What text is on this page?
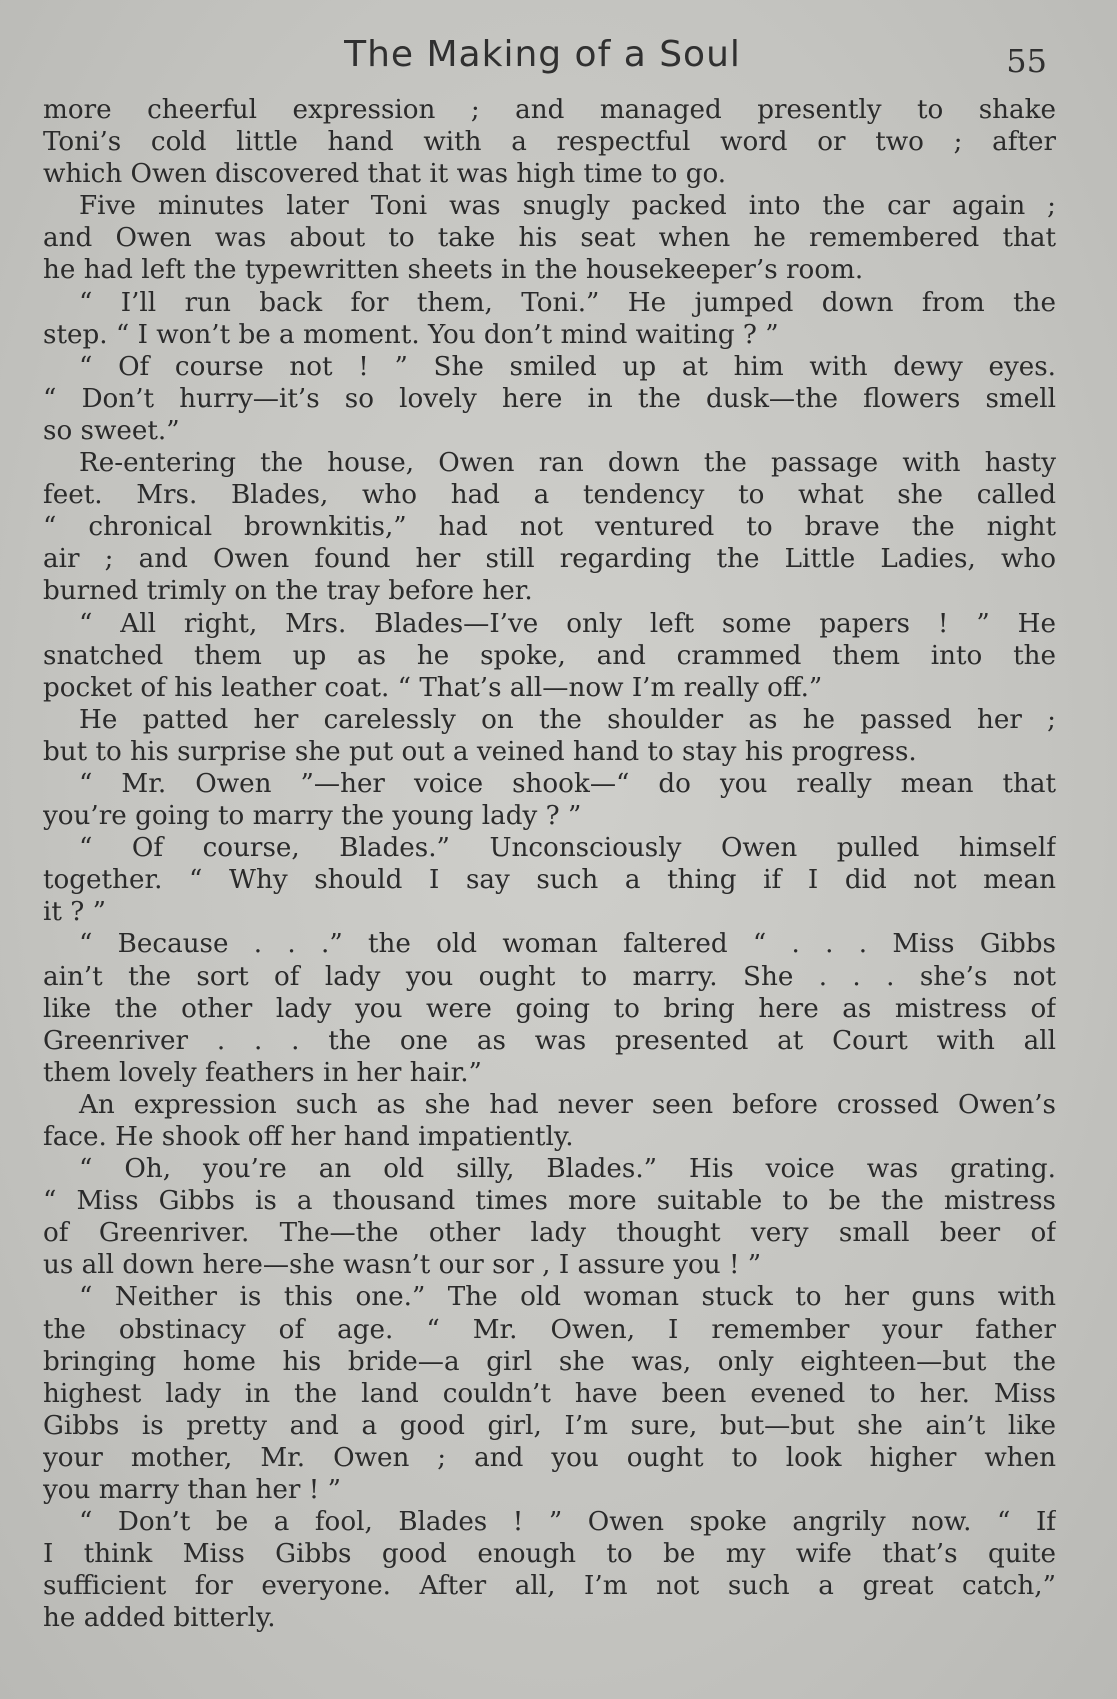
The Making of a Soul	55
more cheerful expression ; and managed presently to shake
Toni’s cold little hand with a respectful word or two ; after
which Owen discovered that it was high time to go.
Five minutes later Toni was snugly packed into the car again ;
and Owen was about to take his seat when he remembered that
he had left the typewritten sheets in the housekeeper’s room.
“ I’ll run back for them, Toni.” He jumped down from the
step. “ I won’t be a moment. You don’t mind waiting ? ”
“ Of course not ! ” She smiled up at him with dewy eyes.
“ Don’t hurry—it’s so lovely here in the dusk—the flowers smell
so sweet.”
Re-entering the house, Owen ran down the passage with hasty
feet. Mrs. Blades, who had a tendency to what she called
“ chronical brownkitis,” had not ventured to brave the night
air ; and Owen found her still regarding the Little Ladies, who
burned trimly on the tray before her.
“ All right, Mrs. Blades—I’ve only left some papers ! ” He
snatched them up as he spoke, and crammed them into the
pocket of his leather coat. “ That’s all—now I’m really off.”
He patted her carelessly on the shoulder as he passed her ;
but to his surprise she put out a veined hand to stay his progress.
“ Mr. Owen ”—her voice shook—“ do you really mean that
you’re going to marry the young lady ? ”
“ Of course, Blades.” Unconsciously Owen pulled himself
together. “ Why should I say such a thing if I did not mean
it ? ”
“ Because . . .” the old woman faltered “ . . . Miss Gibbs
ain’t the sort of lady you ought to marry. She . . . she’s not
like the other lady you were going to bring here as mistress of
Greenriver . . . the one as was presented at Court with all
them lovely feathers in her hair.”
An expression such as she had never seen before crossed Owen’s
face. He shook off her hand impatiently.
“ Oh, you’re an old silly, Blades.” His voice was grating.
“ Miss Gibbs is a thousand times more suitable to be the mistress
of Greenriver. The—the other lady thought very small beer of
us all down here—she wasn’t our sor , I assure you ! ”
“ Neither is this one.” The old woman stuck to her guns with
the obstinacy of age. “ Mr. Owen, I remember your father
bringing home his bride—a girl she was, only eighteen—but the
highest lady in the land couldn’t have been evened to her. Miss
Gibbs is pretty and a good girl, I’m sure, but—but she ain’t like
your mother, Mr. Owen ; and you ought to look higher when
you marry than her ! ”
“ Don’t be a fool, Blades ! ” Owen spoke angrily now. “ If
I think Miss Gibbs good enough to be my wife that’s quite
sufficient for everyone. After all, I’m not such a great catch,”
he added bitterly.
